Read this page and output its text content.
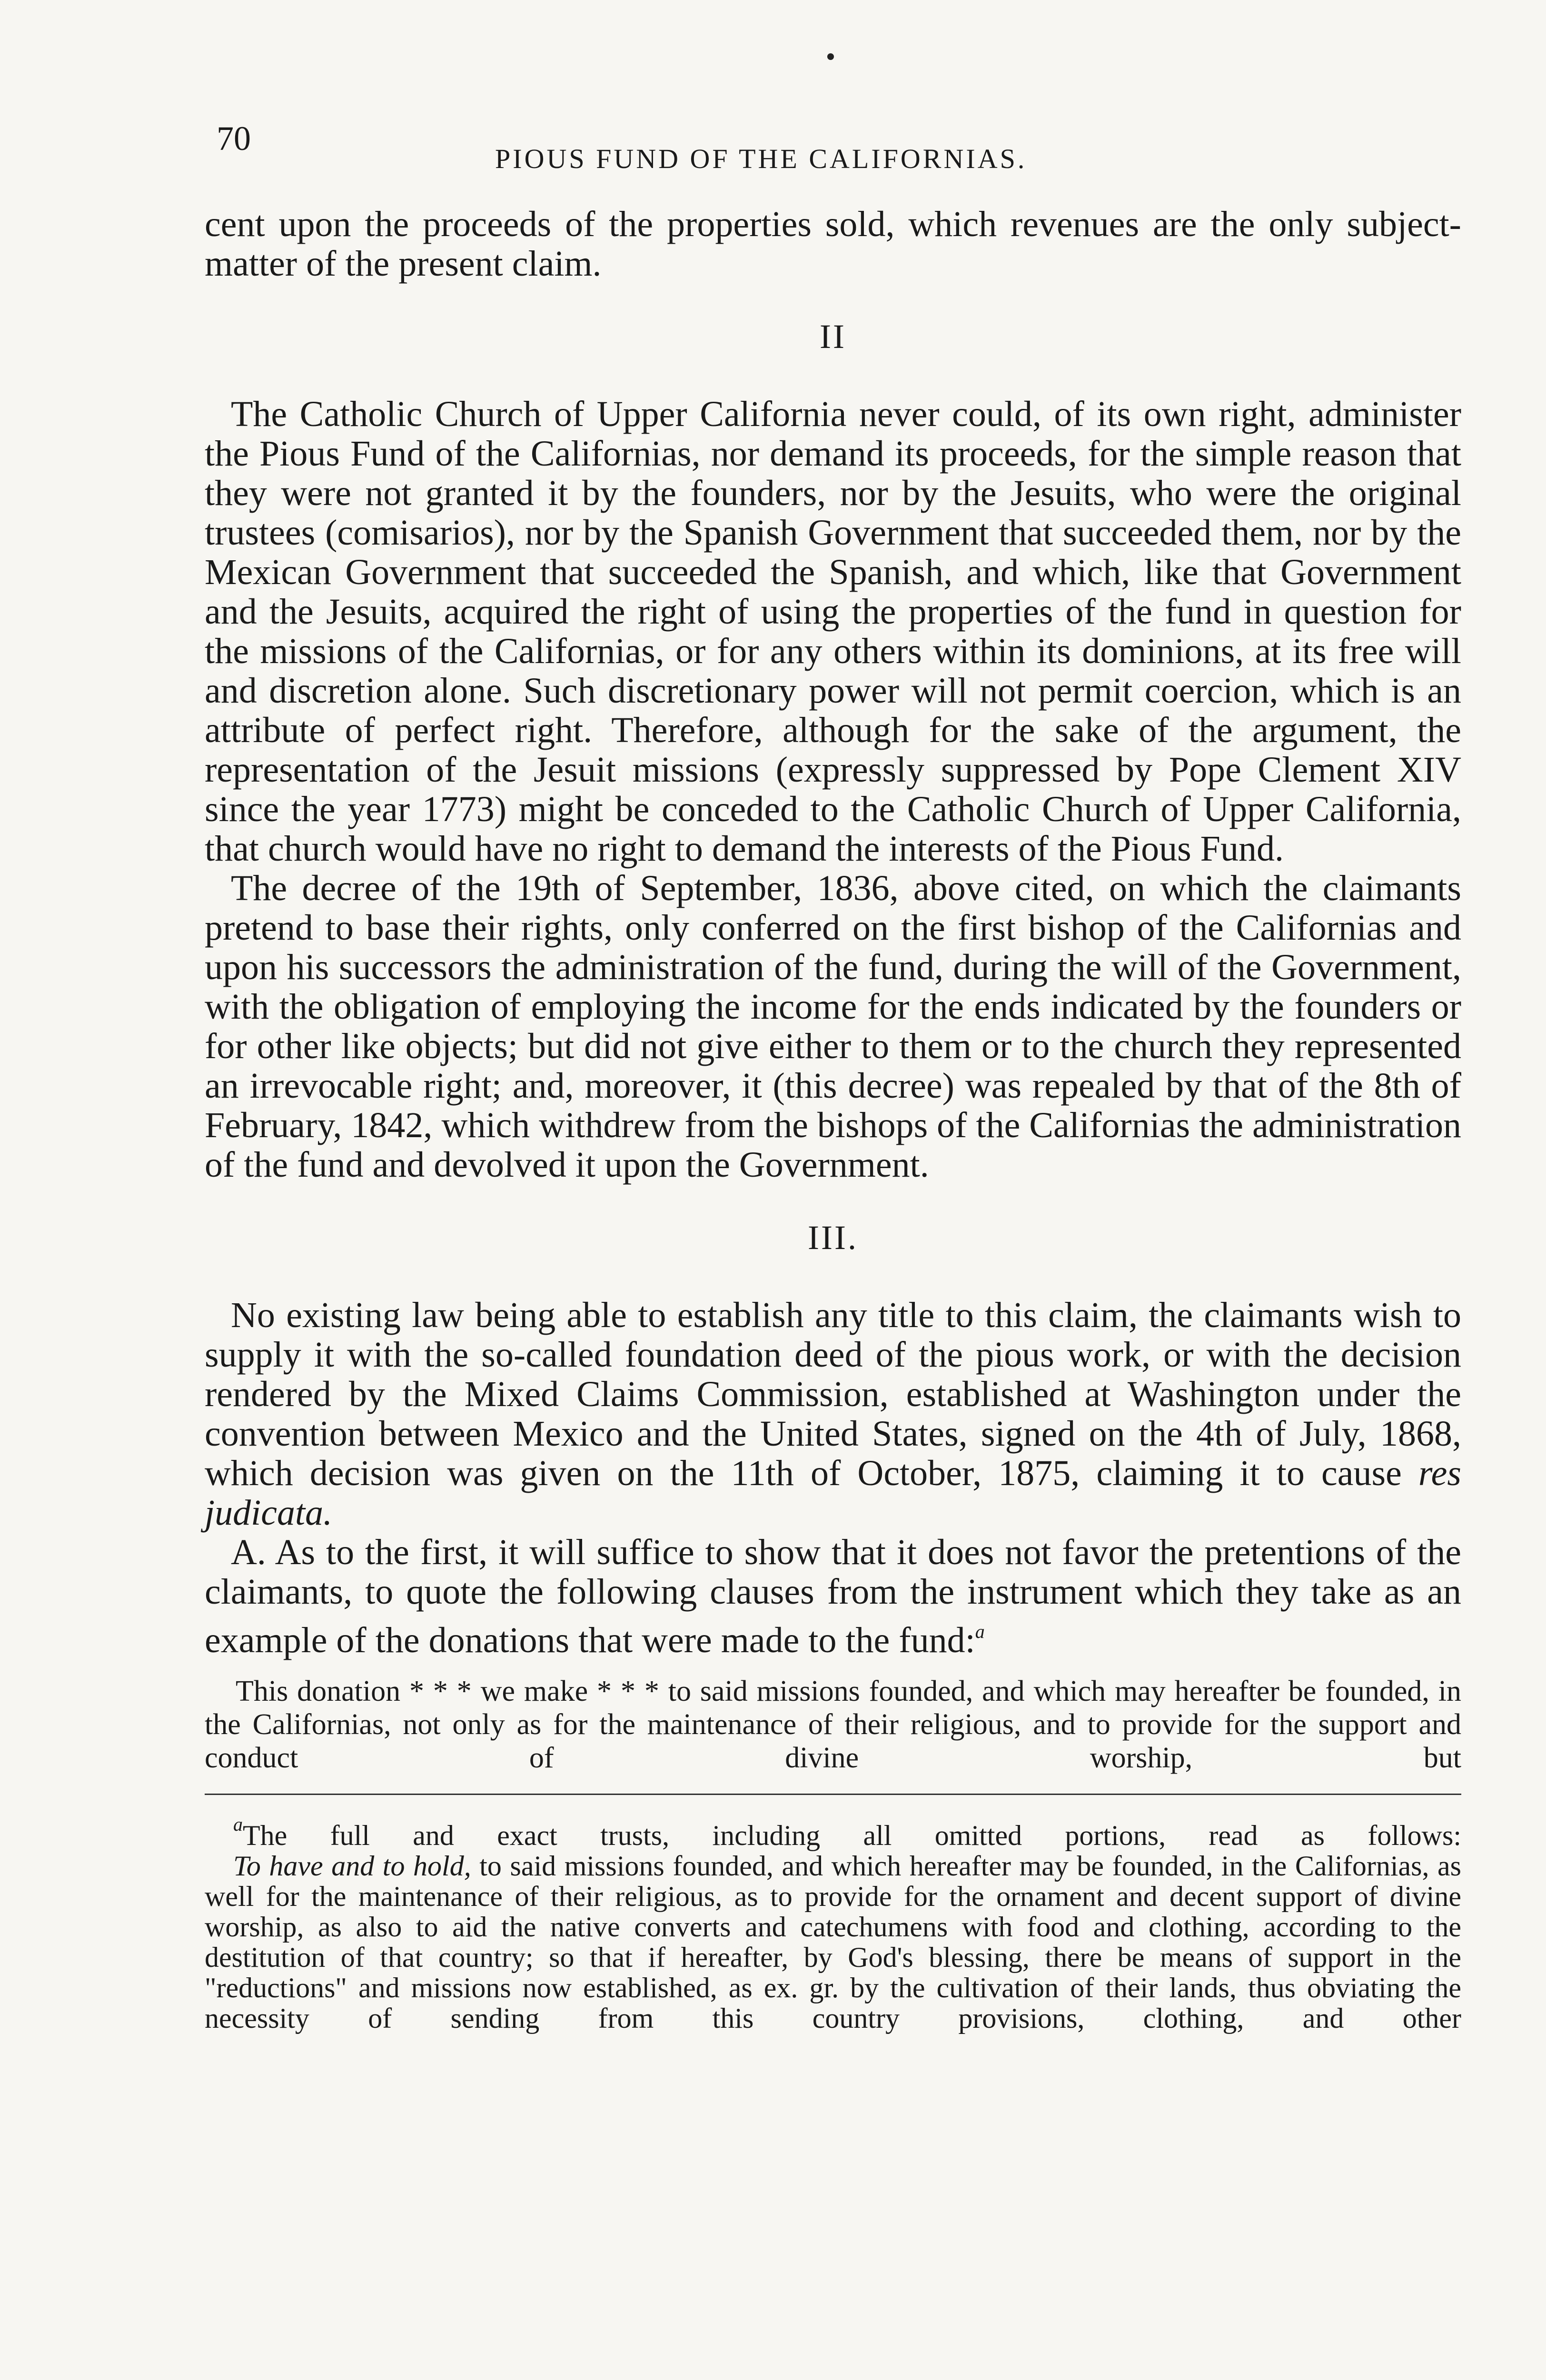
70
PIOUS FUND OF THE CALIFORNIAS.

cent upon the proceeds of the properties sold, which revenues are the only subject-matter of the present claim.

II

The Catholic Church of Upper California never could, of its own right, administer the Pious Fund of the Californias, nor demand its proceeds, for the simple reason that they were not granted it by the founders, nor by the Jesuits, who were the original trustees (comisarios), nor by the Spanish Government that succeeded them, nor by the Mexican Government that succeeded the Spanish, and which, like that Government and the Jesuits, acquired the right of using the properties of the fund in question for the missions of the Californias, or for any others within its dominions, at its free will and discretion alone. Such discretionary power will not permit coercion, which is an attribute of perfect right. Therefore, although for the sake of the argument, the representation of the Jesuit missions (expressly suppressed by Pope Clement XIV since the year 1773) might be conceded to the Catholic Church of Upper California, that church would have no right to demand the interests of the Pious Fund.

The decree of the 19th of September, 1836, above cited, on which the claimants pretend to base their rights, only conferred on the first bishop of the Californias and upon his successors the administration of the fund, during the will of the Government, with the obligation of employing the income for the ends indicated by the founders or for other like objects; but did not give either to them or to the church they represented an irrevocable right; and, moreover, it (this decree) was repealed by that of the 8th of February, 1842, which withdrew from the bishops of the Californias the administration of the fund and devolved it upon the Government.

III.

No existing law being able to establish any title to this claim, the claimants wish to supply it with the so-called foundation deed of the pious work, or with the decision rendered by the Mixed Claims Commission, established at Washington under the convention between Mexico and the United States, signed on the 4th of July, 1868, which decision was given on the 11th of October, 1875, claiming it to cause res judicata.

A. As to the first, it will suffice to show that it does not favor the pretentions of the claimants, to quote the following clauses from the instrument which they take as an example of the donations that were made to the fund:$^a$

This donation * * * we make * * * to said missions founded, and which may hereafter be founded, in the Californias, not only as for the maintenance of their religious, and to provide for the support and conduct of divine worship, but

$^a$The full and exact trusts, including all omitted portions, read as follows:

To have and to hold, to said missions founded, and which hereafter may be founded, in the Californias, as well for the maintenance of their religious, as to provide for the ornament and decent support of divine worship, as also to aid the native converts and catechumens with food and clothing, according to the destitution of that country; so that if hereafter, by God's blessing, there be means of support in the "reductions" and missions now established, as ex. gr. by the cultivation of their lands, thus obviating the necessity of sending from this country provisions, clothing, and other
